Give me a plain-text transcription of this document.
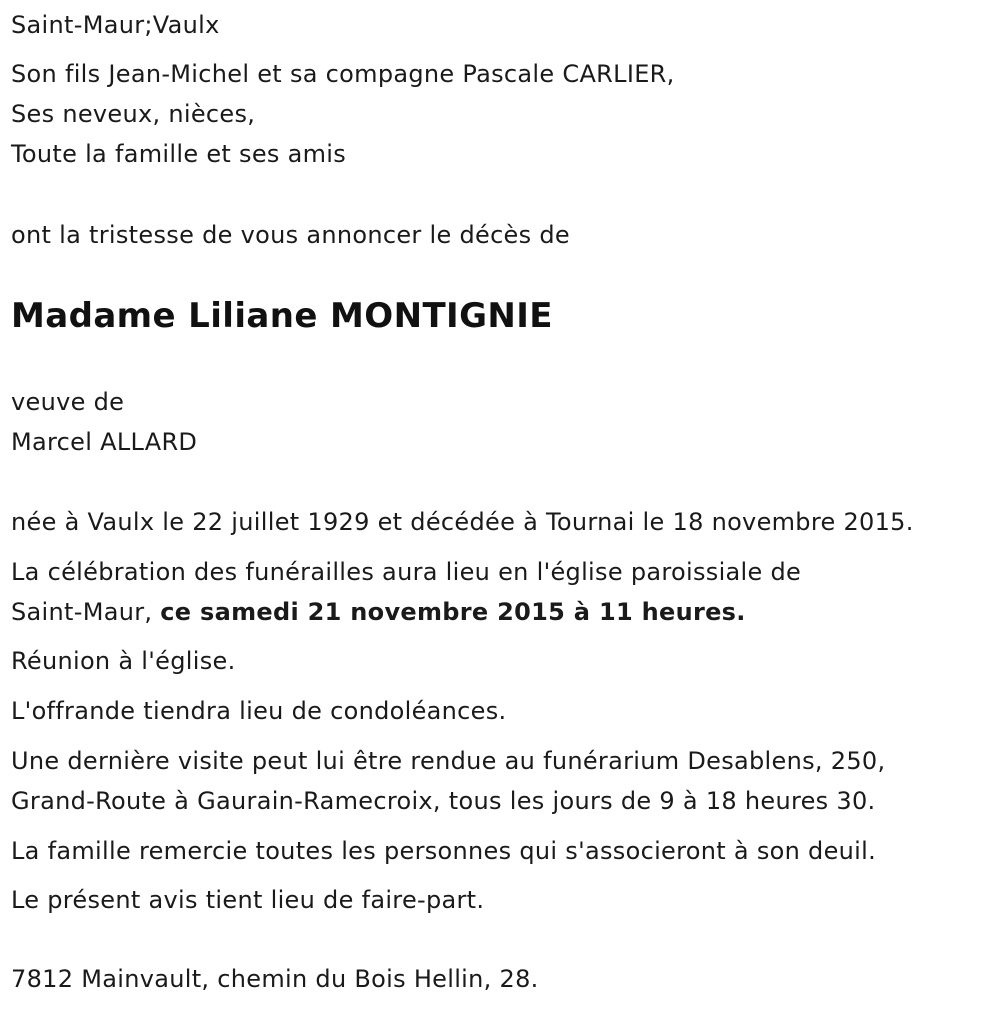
Saint-Maur;Vaulx
Son fils Jean-Michel et sa compagne Pascale CARLIER,
Ses neveux, nièces,
Toute la famille et ses amis
ont la tristesse de vous annoncer le décès de
Madame Liliane MONTIGNIE
veuve de
Marcel ALLARD
née à Vaulx le 22 juillet 1929 et décédée à Tournai le 18 novembre 2015.
La célébration des funérailles aura lieu en l'église paroissiale de
Saint-Maur, ce samedi 21 novembre 2015 à 11 heures.
Réunion à l'église.
L'offrande tiendra lieu de condoléances.
Une dernière visite peut lui être rendue au funérarium Desablens, 250,
Grand-Route à Gaurain-Ramecroix, tous les jours de 9 à 18 heures 30.
La famille remercie toutes les personnes qui s'associeront à son deuil.
Le présent avis tient lieu de faire-part.
7812 Mainvault, chemin du Bois Hellin, 28.
